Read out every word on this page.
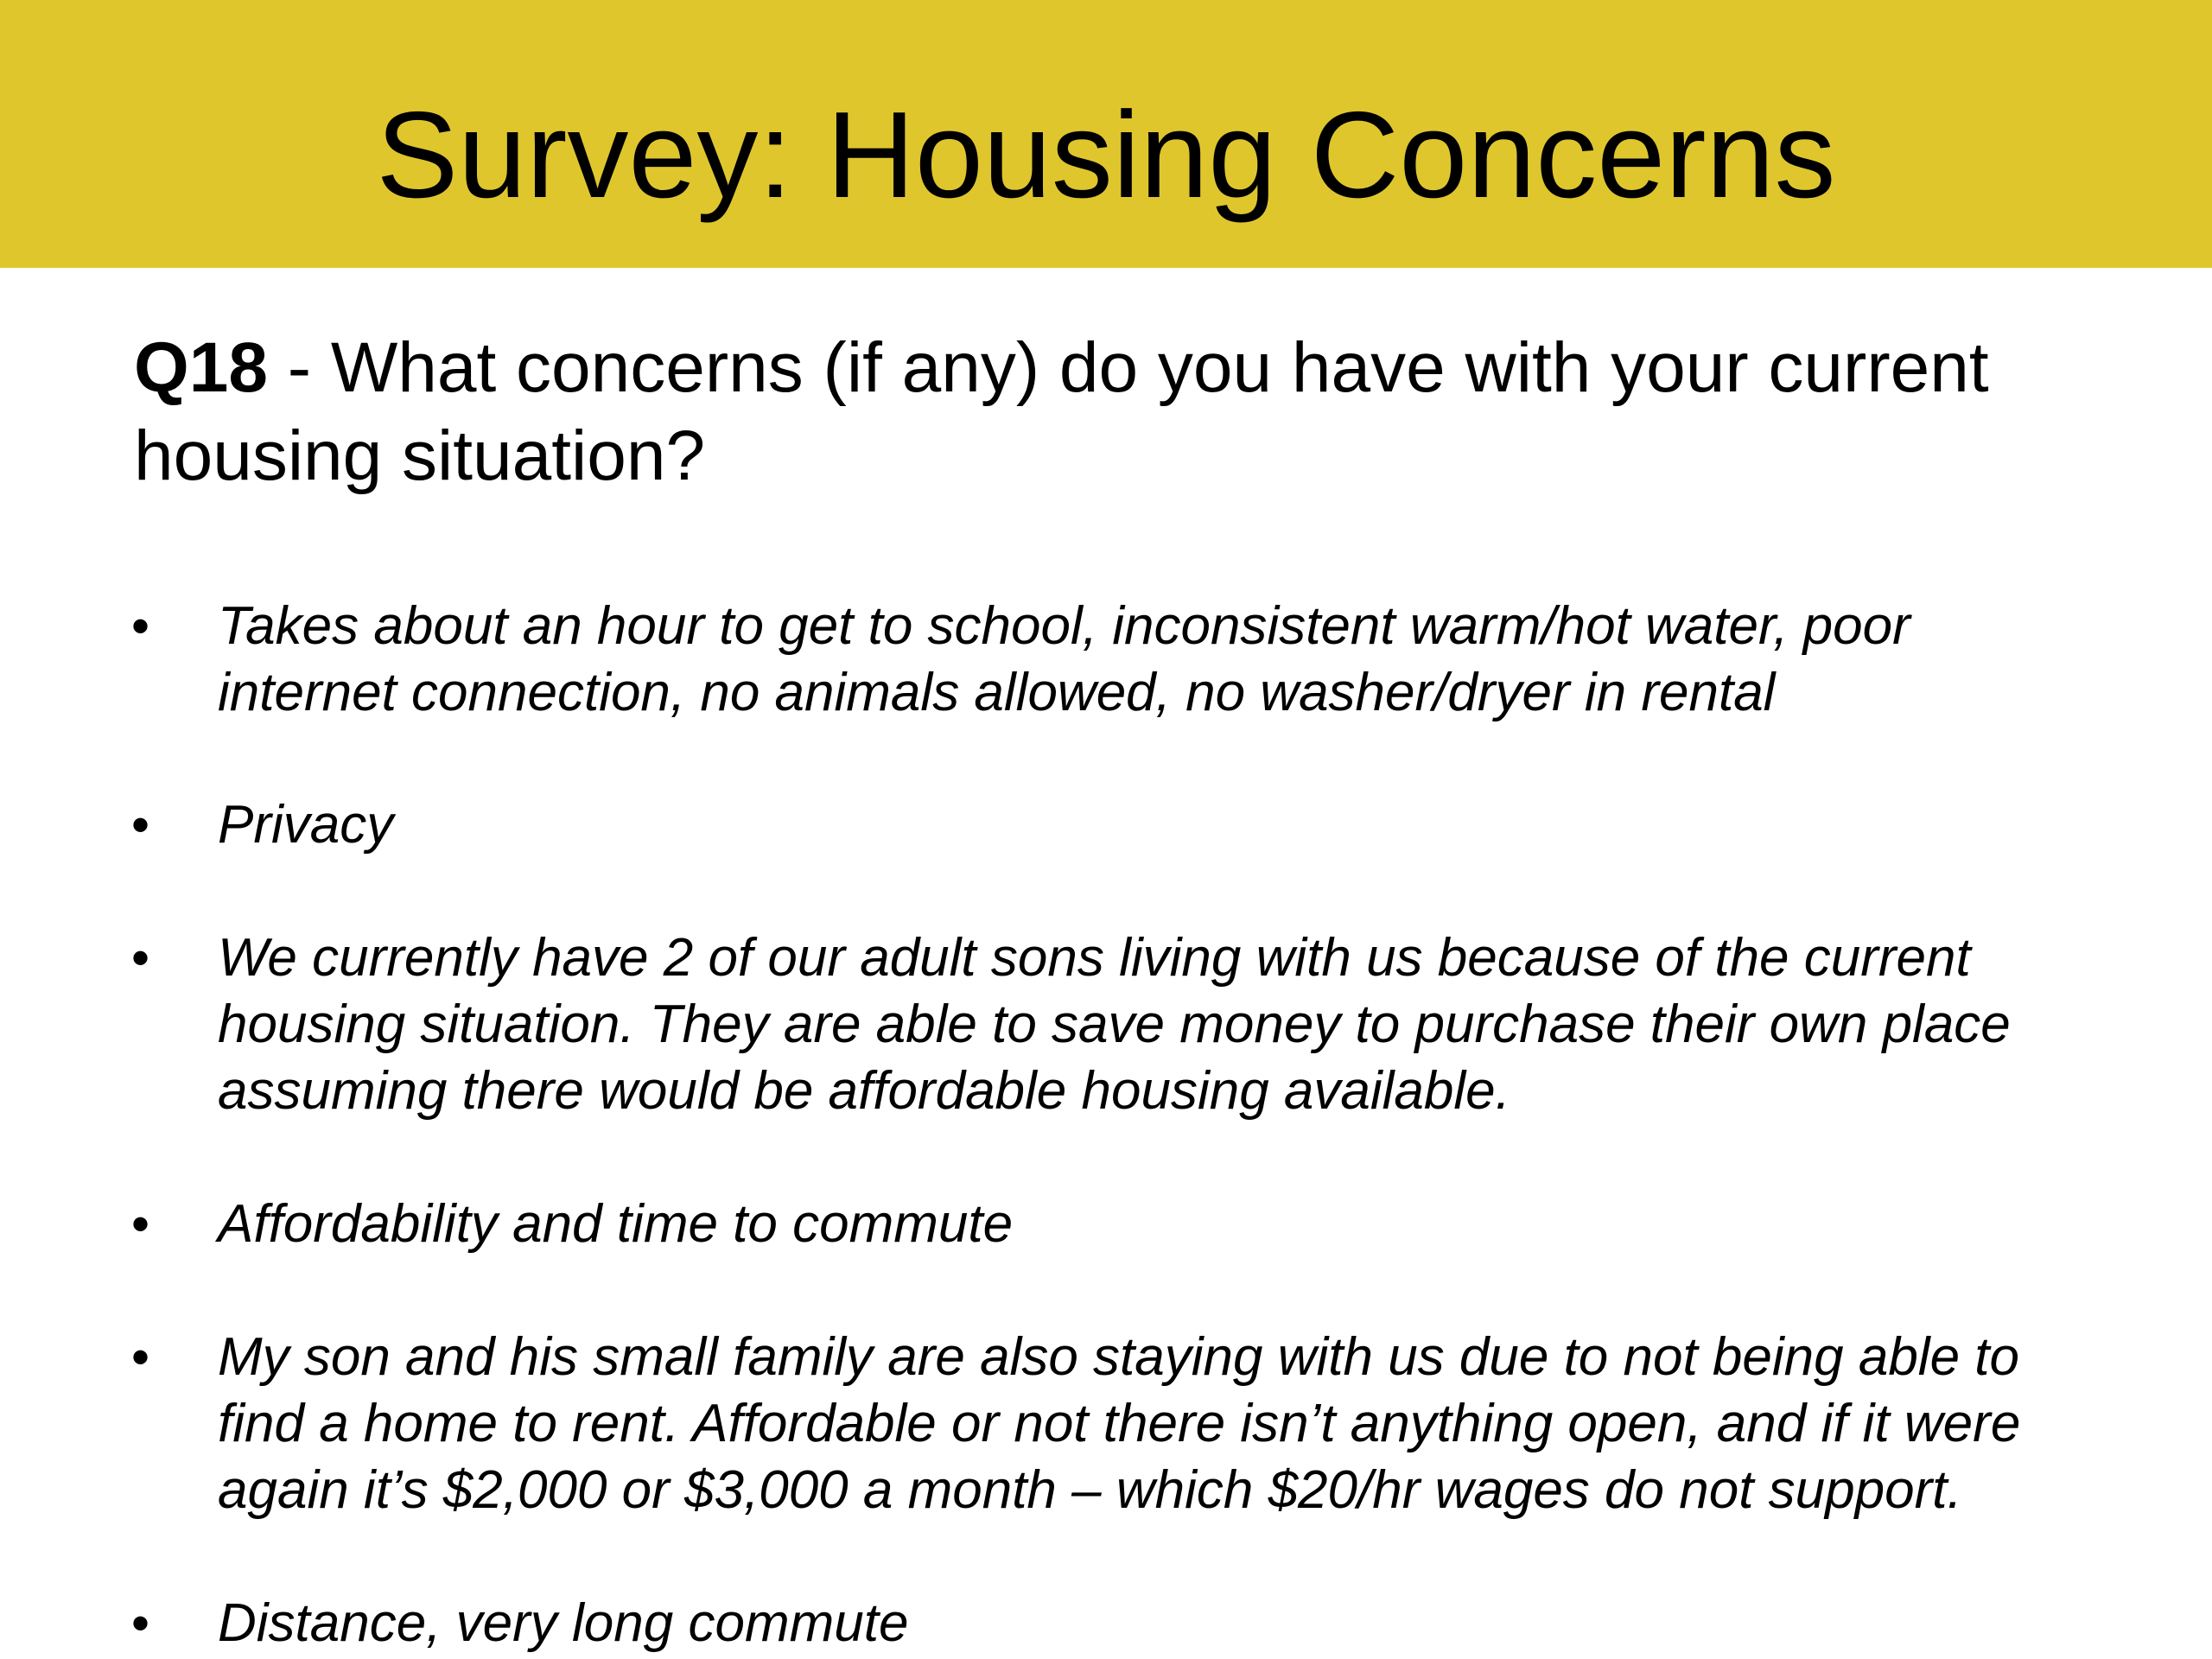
Survey: Housing Concerns

Q18 - What concerns (if any) do you have with your current housing situation?

• Takes about an hour to get to school, inconsistent warm/hot water, poor internet connection, no animals allowed, no washer/dryer in rental
• Privacy
• We currently have 2 of our adult sons living with us because of the current housing situation. They are able to save money to purchase their own place assuming there would be affordable housing available.
• Affordability and time to commute
• My son and his small family are also staying with us due to not being able to find a home to rent. Affordable or not there isn’t anything open, and if it were again it’s $2,000 or $3,000 a month – which $20/hr wages do not support.
• Distance, very long commute
